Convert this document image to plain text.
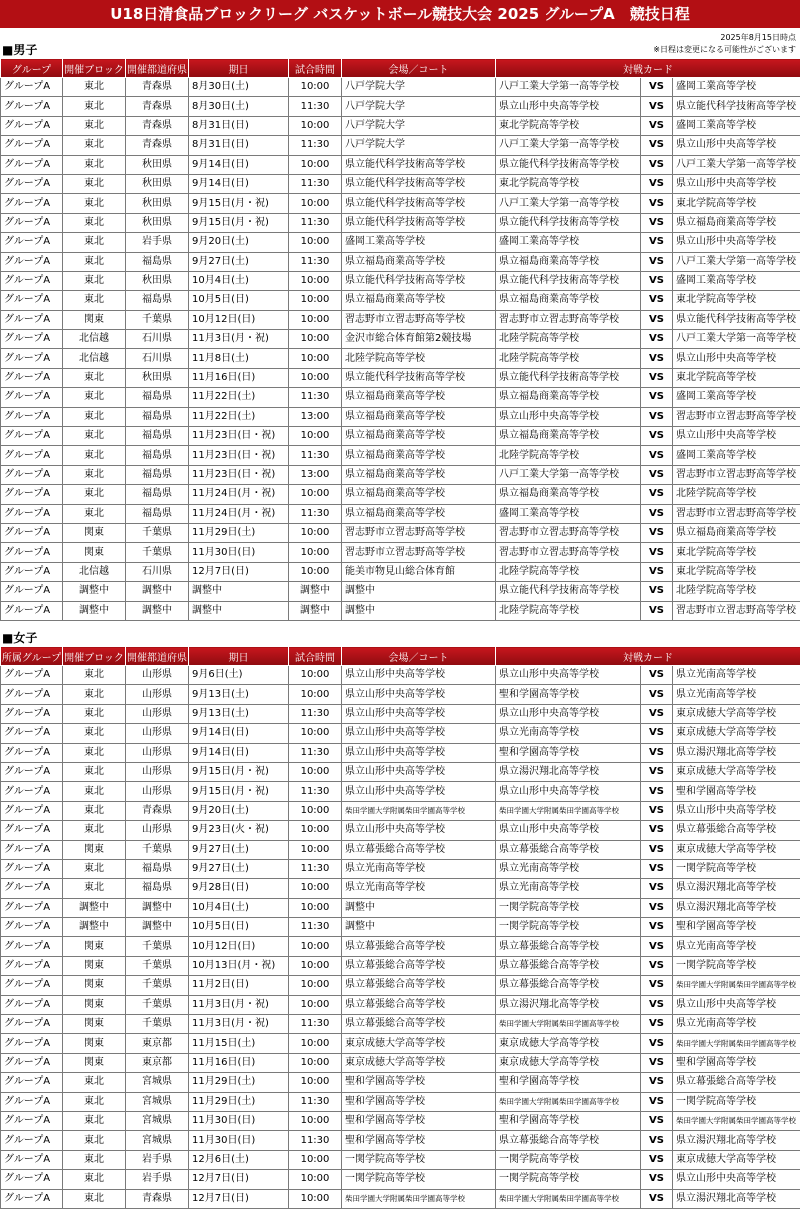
U18日清食品ブロックリーグ バスケットボール競技大会 2025 グループA　競技日程
2025年8月15日時点
※日程は変更になる可能性がございます
■男子
グループ	開催ブロック	開催都道府県	期日	試合時間	会場／コート	対戦カード		
グループA	東北	青森県	8月30日(土)	10:00	八戸学院大学	八戸工業大学第一高等学校	VS	盛岡工業高等学校
グループA	東北	青森県	8月30日(土)	11:30	八戸学院大学	県立山形中央高等学校	VS	県立能代科学技術高等学校
グループA	東北	青森県	8月31日(日)	10:00	八戸学院大学	東北学院高等学校	VS	盛岡工業高等学校
グループA	東北	青森県	8月31日(日)	11:30	八戸学院大学	八戸工業大学第一高等学校	VS	県立山形中央高等学校
グループA	東北	秋田県	9月14日(日)	10:00	県立能代科学技術高等学校	県立能代科学技術高等学校	VS	八戸工業大学第一高等学校
グループA	東北	秋田県	9月14日(日)	11:30	県立能代科学技術高等学校	東北学院高等学校	VS	県立山形中央高等学校
グループA	東北	秋田県	9月15日(月・祝)	10:00	県立能代科学技術高等学校	八戸工業大学第一高等学校	VS	東北学院高等学校
グループA	東北	秋田県	9月15日(月・祝)	11:30	県立能代科学技術高等学校	県立能代科学技術高等学校	VS	県立福島商業高等学校
グループA	東北	岩手県	9月20日(土)	10:00	盛岡工業高等学校	盛岡工業高等学校	VS	県立山形中央高等学校
グループA	東北	福島県	9月27日(土)	11:30	県立福島商業高等学校	県立福島商業高等学校	VS	八戸工業大学第一高等学校
グループA	東北	秋田県	10月4日(土)	10:00	県立能代科学技術高等学校	県立能代科学技術高等学校	VS	盛岡工業高等学校
グループA	東北	福島県	10月5日(日)	10:00	県立福島商業高等学校	県立福島商業高等学校	VS	東北学院高等学校
グループA	関東	千葉県	10月12日(日)	10:00	習志野市立習志野高等学校	習志野市立習志野高等学校	VS	県立能代科学技術高等学校
グループA	北信越	石川県	11月3日(月・祝)	10:00	金沢市総合体育館第2競技場	北陸学院高等学校	VS	八戸工業大学第一高等学校
グループA	北信越	石川県	11月8日(土)	10:00	北陸学院高等学校	北陸学院高等学校	VS	県立山形中央高等学校
グループA	東北	秋田県	11月16日(日)	10:00	県立能代科学技術高等学校	県立能代科学技術高等学校	VS	東北学院高等学校
グループA	東北	福島県	11月22日(土)	11:30	県立福島商業高等学校	県立福島商業高等学校	VS	盛岡工業高等学校
グループA	東北	福島県	11月22日(土)	13:00	県立福島商業高等学校	県立山形中央高等学校	VS	習志野市立習志野高等学校
グループA	東北	福島県	11月23日(日・祝)	10:00	県立福島商業高等学校	県立福島商業高等学校	VS	県立山形中央高等学校
グループA	東北	福島県	11月23日(日・祝)	11:30	県立福島商業高等学校	北陸学院高等学校	VS	盛岡工業高等学校
グループA	東北	福島県	11月23日(日・祝)	13:00	県立福島商業高等学校	八戸工業大学第一高等学校	VS	習志野市立習志野高等学校
グループA	東北	福島県	11月24日(月・祝)	10:00	県立福島商業高等学校	県立福島商業高等学校	VS	北陸学院高等学校
グループA	東北	福島県	11月24日(月・祝)	11:30	県立福島商業高等学校	盛岡工業高等学校	VS	習志野市立習志野高等学校
グループA	関東	千葉県	11月29日(土)	10:00	習志野市立習志野高等学校	習志野市立習志野高等学校	VS	県立福島商業高等学校
グループA	関東	千葉県	11月30日(日)	10:00	習志野市立習志野高等学校	習志野市立習志野高等学校	VS	東北学院高等学校
グループA	北信越	石川県	12月7日(日)	10:00	能美市物見山総合体育館	北陸学院高等学校	VS	東北学院高等学校
グループA	調整中	調整中	調整中	調整中	調整中	県立能代科学技術高等学校	VS	北陸学院高等学校
グループA	調整中	調整中	調整中	調整中	調整中	北陸学院高等学校	VS	習志野市立習志野高等学校
■女子
所属グループ	開催ブロック	開催都道府県	期日	試合時間	会場／コート	対戦カード		
グループA	東北	山形県	9月6日(土)	10:00	県立山形中央高等学校	県立山形中央高等学校	VS	県立光南高等学校
グループA	東北	山形県	9月13日(土)	10:00	県立山形中央高等学校	聖和学園高等学校	VS	県立光南高等学校
グループA	東北	山形県	9月13日(土)	11:30	県立山形中央高等学校	県立山形中央高等学校	VS	東京成徳大学高等学校
グループA	東北	山形県	9月14日(日)	10:00	県立山形中央高等学校	県立光南高等学校	VS	東京成徳大学高等学校
グループA	東北	山形県	9月14日(日)	11:30	県立山形中央高等学校	聖和学園高等学校	VS	県立湯沢翔北高等学校
グループA	東北	山形県	9月15日(月・祝)	10:00	県立山形中央高等学校	県立湯沢翔北高等学校	VS	東京成徳大学高等学校
グループA	東北	山形県	9月15日(月・祝)	11:30	県立山形中央高等学校	県立山形中央高等学校	VS	聖和学園高等学校
グループA	東北	青森県	9月20日(土)	10:00	柴田学園大学附属柴田学園高等学校	柴田学園大学附属柴田学園高等学校	VS	県立山形中央高等学校
グループA	東北	山形県	9月23日(火・祝)	10:00	県立山形中央高等学校	県立山形中央高等学校	VS	県立幕張総合高等学校
グループA	関東	千葉県	9月27日(土)	10:00	県立幕張総合高等学校	県立幕張総合高等学校	VS	東京成徳大学高等学校
グループA	東北	福島県	9月27日(土)	11:30	県立光南高等学校	県立光南高等学校	VS	一関学院高等学校
グループA	東北	福島県	9月28日(日)	10:00	県立光南高等学校	県立光南高等学校	VS	県立湯沢翔北高等学校
グループA	調整中	調整中	10月4日(土)	10:00	調整中	一関学院高等学校	VS	県立湯沢翔北高等学校
グループA	調整中	調整中	10月5日(日)	11:30	調整中	一関学院高等学校	VS	聖和学園高等学校
グループA	関東	千葉県	10月12日(日)	10:00	県立幕張総合高等学校	県立幕張総合高等学校	VS	県立光南高等学校
グループA	関東	千葉県	10月13日(月・祝)	10:00	県立幕張総合高等学校	県立幕張総合高等学校	VS	一関学院高等学校
グループA	関東	千葉県	11月2日(日)	10:00	県立幕張総合高等学校	県立幕張総合高等学校	VS	柴田学園大学附属柴田学園高等学校
グループA	関東	千葉県	11月3日(月・祝)	10:00	県立幕張総合高等学校	県立湯沢翔北高等学校	VS	県立山形中央高等学校
グループA	関東	千葉県	11月3日(月・祝)	11:30	県立幕張総合高等学校	柴田学園大学附属柴田学園高等学校	VS	県立光南高等学校
グループA	関東	東京都	11月15日(土)	10:00	東京成徳大学高等学校	東京成徳大学高等学校	VS	柴田学園大学附属柴田学園高等学校
グループA	関東	東京都	11月16日(日)	10:00	東京成徳大学高等学校	東京成徳大学高等学校	VS	聖和学園高等学校
グループA	東北	宮城県	11月29日(土)	10:00	聖和学園高等学校	聖和学園高等学校	VS	県立幕張総合高等学校
グループA	東北	宮城県	11月29日(土)	11:30	聖和学園高等学校	柴田学園大学附属柴田学園高等学校	VS	一関学院高等学校
グループA	東北	宮城県	11月30日(日)	10:00	聖和学園高等学校	聖和学園高等学校	VS	柴田学園大学附属柴田学園高等学校
グループA	東北	宮城県	11月30日(日)	11:30	聖和学園高等学校	県立幕張総合高等学校	VS	県立湯沢翔北高等学校
グループA	東北	岩手県	12月6日(土)	10:00	一関学院高等学校	一関学院高等学校	VS	東京成徳大学高等学校
グループA	東北	岩手県	12月7日(日)	10:00	一関学院高等学校	一関学院高等学校	VS	県立山形中央高等学校
グループA	東北	青森県	12月7日(日)	10:00	柴田学園大学附属柴田学園高等学校	柴田学園大学附属柴田学園高等学校	VS	県立湯沢翔北高等学校
